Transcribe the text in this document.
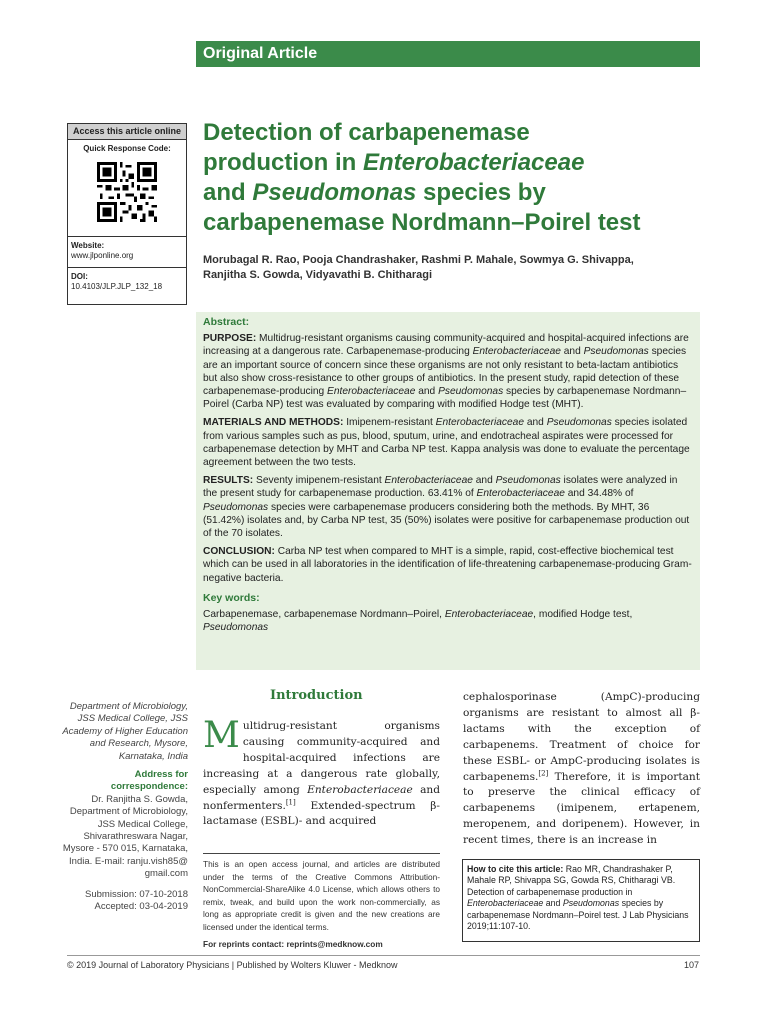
Original Article
Access this article online
Quick Response Code:
Website:
www.jlponline.org
DOI:
10.4103/JLP.JLP_132_18
Detection of carbapenemase
production in Enterobacteriaceae
and Pseudomonas species by
carbapenemase Nordmann–Poirel test
Morubagal R. Rao, Pooja Chandrashaker, Rashmi P. Mahale, Sowmya G. Shivappa,
Ranjitha S. Gowda, Vidyavathi B. Chitharagi
Abstract:

PURPOSE: Multidrug-resistant organisms causing community-acquired and hospital-acquired infections are increasing at a dangerous rate. Carbapenemase-producing Enterobacteriaceae and Pseudomonas species are an important source of concern since these organisms are not only resistant to beta-lactam antibiotics but also show cross-resistance to other groups of antibiotics. In the present study, rapid detection of these carbapenemase-producing Enterobacteriaceae and Pseudomonas species by carbapenemase Nordmann–Poirel (Carba NP) test was evaluated by comparing with modified Hodge test (MHT).

MATERIALS AND METHODS: Imipenem-resistant Enterobacteriaceae and Pseudomonas species isolated from various samples such as pus, blood, sputum, urine, and endotracheal aspirates were processed for carbapenemase detection by MHT and Carba NP test. Kappa analysis was done to evaluate the percentage agreement between the two tests.

RESULTS: Seventy imipenem-resistant Enterobacteriaceae and Pseudomonas isolates were analyzed in the present study for carbapenemase production. 63.41% of Enterobacteriaceae and 34.48% of Pseudomonas species were carbapenemase producers considering both the methods. By MHT, 36 (51.42%) isolates and, by Carba NP test, 35 (50%) isolates were positive for carbapenemase production out of the 70 isolates.

CONCLUSION: Carba NP test when compared to MHT is a simple, rapid, cost-effective biochemical test which can be used in all laboratories in the identification of life-threatening carbapenemase-producing Gram-negative bacteria.

Key words:

Carbapenemase, carbapenemase Nordmann–Poirel, Enterobacteriaceae, modified Hodge test, Pseudomonas

Department of Microbiology, JSS Medical College, JSS Academy of Higher Education and Research, Mysore, Karnataka, India
Address for correspondence:
Dr. Ranjitha S. Gowda, Department of Microbiology, JSS Medical College, Shivarathreswara Nagar, Mysore - 570 015, Karnataka, India. E-mail: ranju.vish85@ gmail.com
Submission: 07-10-2018
Accepted: 03-04-2019
Introduction
Multidrug-resistant organisms causing community-acquired and hospital-acquired infections are increasing at a dangerous rate globally, especially among Enterobacteriaceae and nonfermenters.[1] Extended-spectrum β-lactamase (ESBL)- and acquired
cephalosporinase (AmpC)-producing organisms are resistant to almost all β-lactams with the exception of carbapenems. Treatment of choice for these ESBL- or AmpC-producing isolates is carbapenems.[2] Therefore, it is important to preserve the clinical efficacy of carbapenems (imipenem, ertapenem, meropenem, and doripenem). However, in recent times, there is an increase in
This is an open access journal, and articles are distributed under the terms of the Creative Commons Attribution-NonCommercial-ShareAlike 4.0 License, which allows others to remix, tweak, and build upon the work non-commercially, as long as appropriate credit is given and the new creations are licensed under the identical terms.
For reprints contact: reprints@medknow.com
How to cite this article: Rao MR, Chandrashaker P, Mahale RP, Shivappa SG, Gowda RS, Chitharagi VB. Detection of carbapenemase production in Enterobacteriaceae and Pseudomonas species by carbapenemase Nordmann–Poirel test. J Lab Physicians 2019;11:107-10.
© 2019 Journal of Laboratory Physicians | Published by Wolters Kluwer - Medknow	107
